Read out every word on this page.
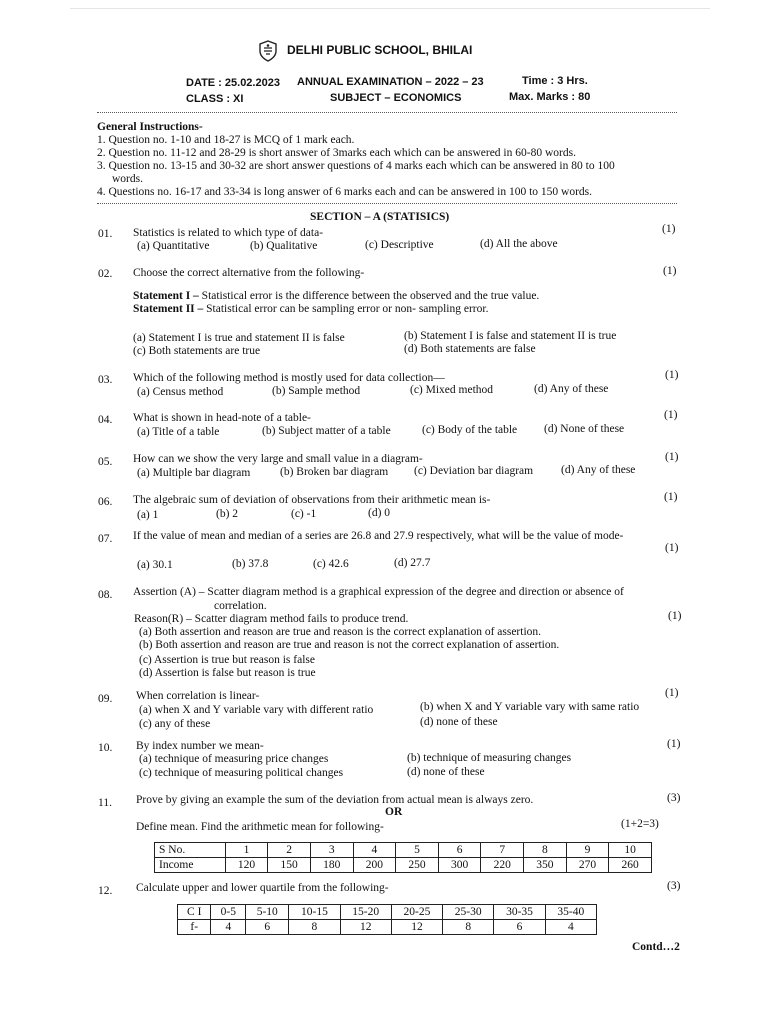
DELHI PUBLIC SCHOOL, BHILAI
DATE : 25.02.2023 ANNUAL EXAMINATION – 2022 – 23	Time : 3 Hrs.
CLASS : XI	SUBJECT – ECONOMICS	Max. Marks : 80
General Instructions-
1. Question no. 1-10 and 18-27 is MCQ of 1 mark each.
2. Question no. 11-12 and 28-29 is short answer of 3marks each which can be answered in 60-80 words.
3. Question no. 13-15 and 30-32 are short answer questions of 4 marks each which can be answered in 80 to 100
words.
4. Questions no. 16-17 and 33-34 is long answer of 6 marks each and can be answered in 100 to 150 words.
SECTION – A (STATISICS)
01. Statistics is related to which type of data-	(1)
(a) Quantitative	(b) Qualitative	(c) Descriptive	(d) All the above
02. Choose the correct alternative from the following-	(1)
Statement I – Statistical error is the difference between the observed and the true value.
Statement II – Statistical error can be sampling error or non- sampling error.
(a) Statement I is true and statement II is false	(b) Statement I is false and statement II is true
(c) Both statements are true	(d) Both statements are false
03. Which of the following method is mostly used for data collection—	(1)
(a) Census method	(b) Sample method	(c) Mixed method	(d) Any of these
04. What is shown in head-note of a table-	(1)
(a) Title of a table	(b) Subject matter of a table	(c) Body of the table (d) None of these
05. How can we show the very large and small value in a diagram-	(1)
(a) Multiple bar diagram	(b) Broken bar diagram (c) Deviation bar diagram (d) Any of these
06. The algebraic sum of deviation of observations from their arithmetic mean is-	(1)
(a) 1	(b) 2	(c) -1	(d) 0
07. If the value of mean and median of a series are 26.8 and 27.9 respectively, what will be the value of mode-
(1)
(a) 30.1	(b) 37.8	(c) 42.6	(d) 27.7
08. Assertion (A) – Scatter diagram method is a graphical expression of the degree and direction or absence of
correlation.
Reason(R) – Scatter diagram method fails to produce trend.	(1)
(a) Both assertion and reason are true and reason is the correct explanation of assertion.
(b) Both assertion and reason are true and reason is not the correct explanation of assertion.
(c) Assertion is true but reason is false
(d) Assertion is false but reason is true
09. When correlation is linear-	(1)
(a) when X and Y variable vary with different ratio	(b) when X and Y variable vary with same ratio
(c) any of these	(d) none of these
10. By index number we mean-	(1)
(a) technique of measuring price changes	(b) technique of measuring changes
(c) technique of measuring political changes	(d) none of these
11. Prove by giving an example the sum of the deviation from actual mean is always zero.	(3)
OR
Define mean. Find the arithmetic mean for following-	(1+2=3)
S No.	1	2	3	4	5	6	7	8	9	10
Income	120	150	180	200	250	300	220	350	270	260
12. Calculate upper and lower quartile from the following-	(3)
C I	0-5	5-10	10-15	15-20	20-25	25-30	30-35	35-40
f-	4	6	8	12	12	8	6	4
Contd…2
